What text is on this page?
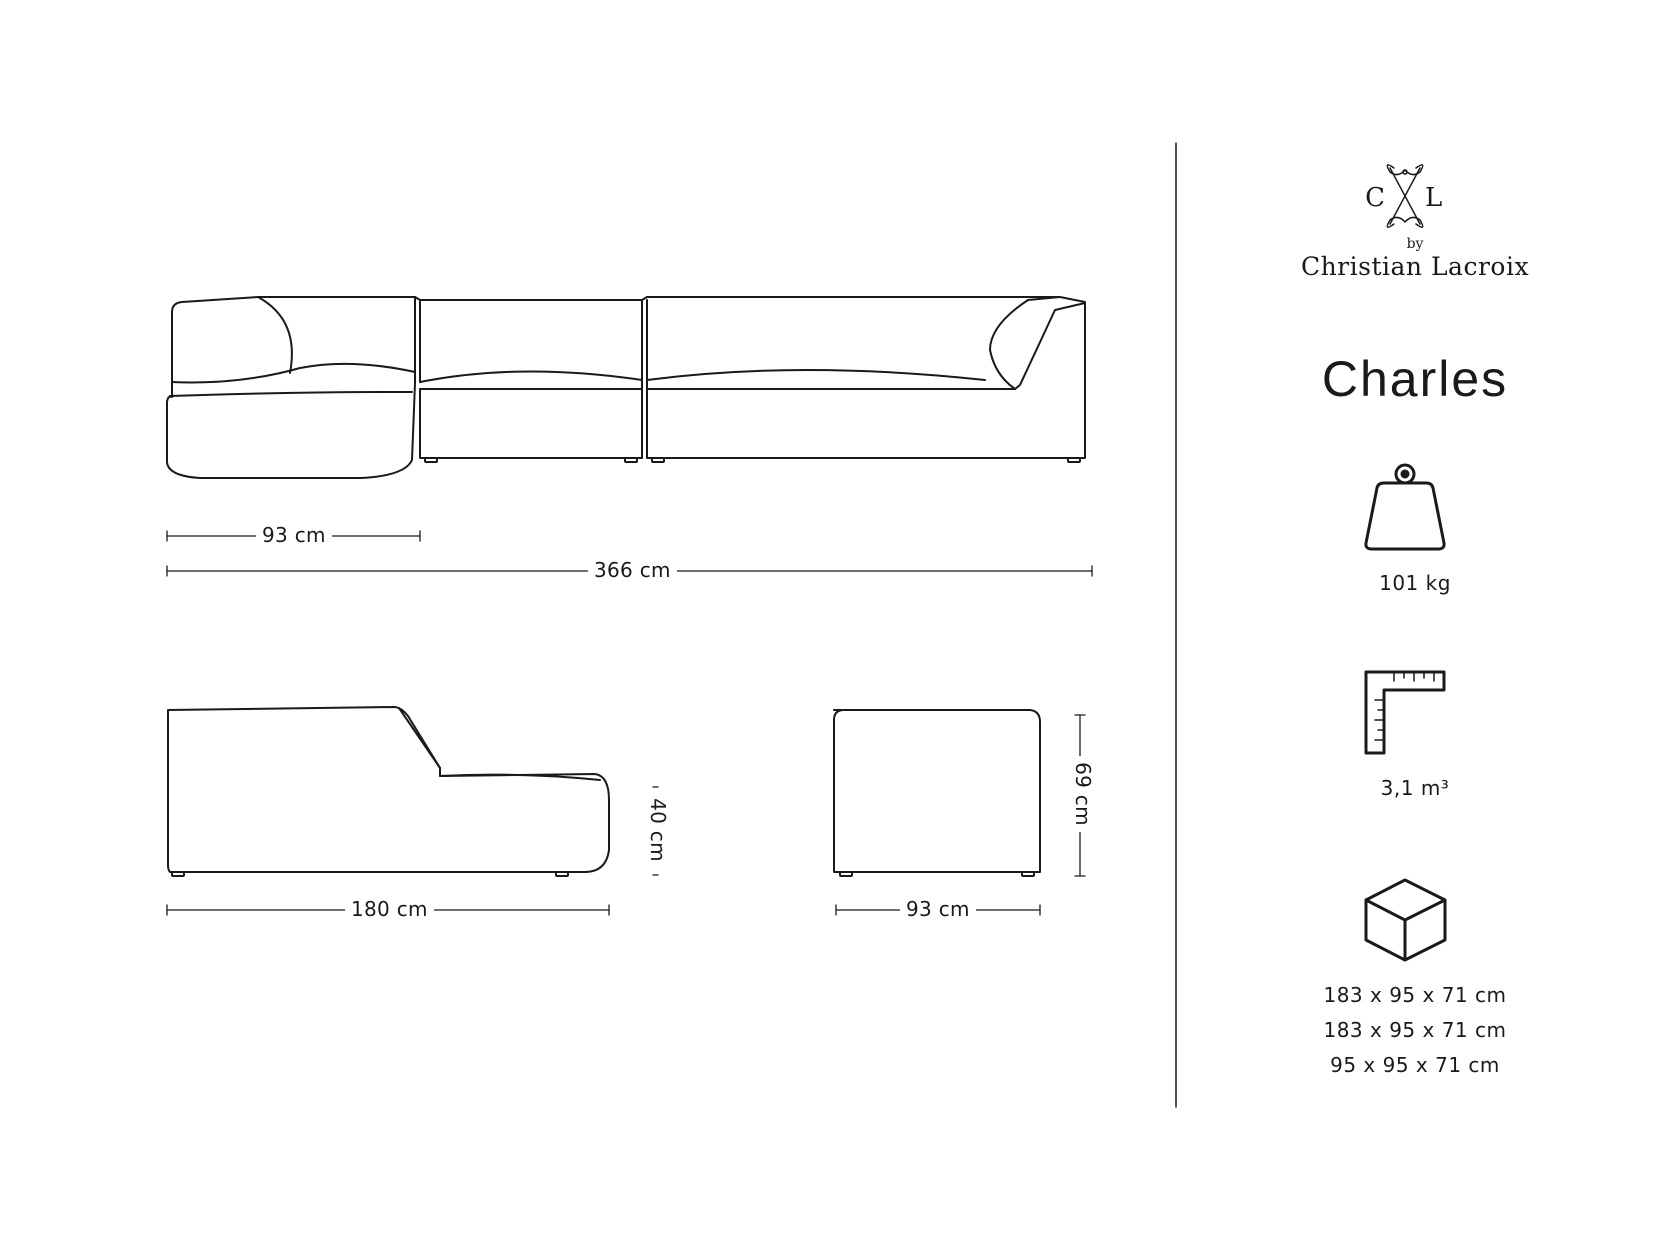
C L
93 cm
366 cm
180 cm
40 cm
93 cm
69 cm
by
Christian Lacroix
Charles
101 kg
3,1 m³
183 x 95 x 71 cm
183 x 95 x 71 cm
95 x 95 x 71 cm
